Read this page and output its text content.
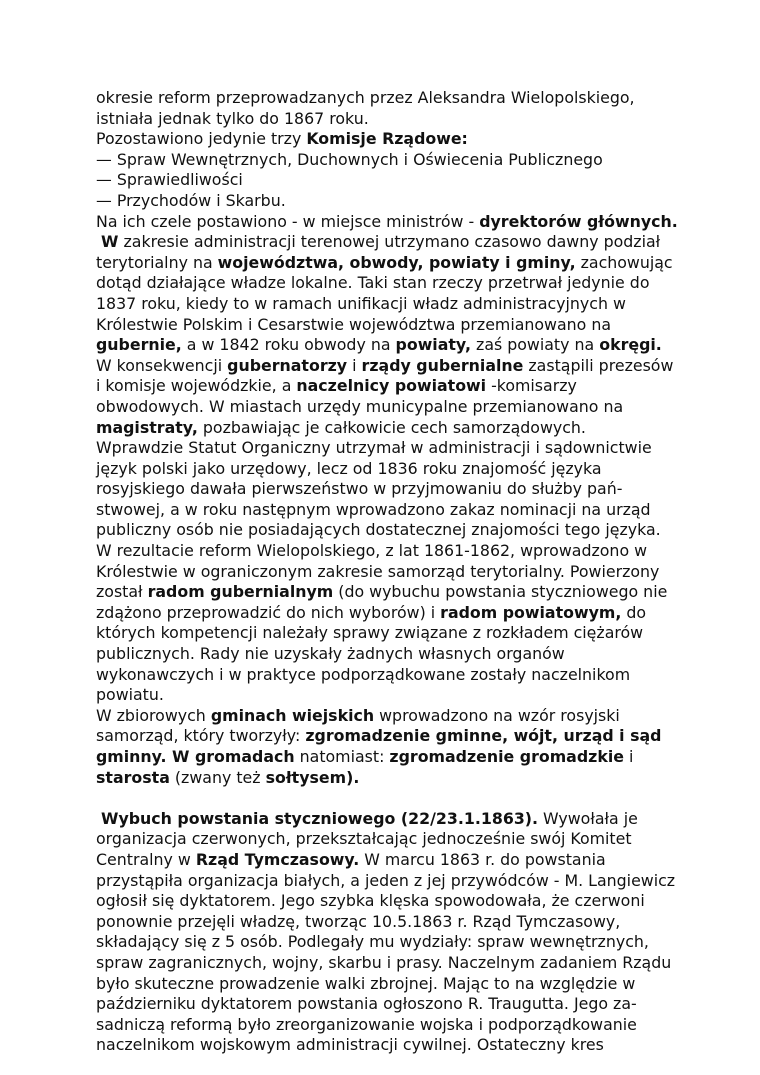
okresie reform przeprowadzanych przez Aleksandra Wielopolskiego,
istniała jednak tylko do 1867 roku.
Pozostawiono jedynie trzy Komisje Rządowe:
— Spraw Wewnętrznych, Duchownych i Oświecenia Publicznego
— Sprawiedliwości
— Przychodów i Skarbu.
Na ich czele postawiono - w miejsce ministrów - dyrektorów głównych.
W zakresie administracji terenowej utrzymano czasowo dawny podział
terytorialny na województwa, obwody, powiaty i gminy, zachowując
dotąd działające władze lokalne. Taki stan rzeczy przetrwał jedynie do
1837 roku, kiedy to w ramach unifikacji władz administracyjnych w
Królestwie Polskim i Cesarstwie województwa przemianowano na
gubernie, a w 1842 roku obwody na powiaty, zaś powiaty na okręgi.
W konsekwencji gubernatorzy i rządy gubernialne zastąpili prezesów
i komisje wojewódzkie, a naczelnicy powiatowi -komisarzy
obwodowych. W miastach urzędy municypalne przemianowano na
magistraty, pozbawiając je całkowicie cech samorządowych.
Wprawdzie Statut Organiczny utrzymał w administracji i sądownictwie
język polski jako urzędowy, lecz od 1836 roku znajomość języka
rosyjskiego dawała pierwszeństwo w przyjmowaniu do służby pań-
stwowej, a w roku następnym wprowadzono zakaz nominacji na urząd
publiczny osób nie posiadających dostatecznej znajomości tego języka.
W rezultacie reform Wielopolskiego, z lat 1861-1862, wprowadzono w
Królestwie w ograniczonym zakresie samorząd terytorialny. Powierzony
został radom gubernialnym (do wybuchu powstania styczniowego nie
zdążono przeprowadzić do nich wyborów) i radom powiatowym, do
których kompetencji należały sprawy związane z rozkładem ciężarów
publicznych. Rady nie uzyskały żadnych własnych organów
wykonawczych i w praktyce podporządkowane zostały naczelnikom
powiatu.
W zbiorowych gminach wiejskich wprowadzono na wzór rosyjski
samorząd, który tworzyły: zgromadzenie gminne, wójt, urząd i sąd
gminny. W gromadach natomiast: zgromadzenie gromadzkie i
starosta (zwany też sołtysem).
Wybuch powstania styczniowego (22/23.1.1863). Wywołała je
organizacja czerwonych, przekształcając jednocześnie swój Komitet
Centralny w Rząd Tymczasowy. W marcu 1863 r. do powstania
przystąpiła organizacja białych, a jeden z jej przywódców - M. Langiewicz
ogłosił się dyktatorem. Jego szybka klęska spowodowała, że czerwoni
ponownie przejęli władzę, tworząc 10.5.1863 r. Rząd Tymczasowy,
składający się z 5 osób. Podlegały mu wydziały: spraw wewnętrznych,
spraw zagranicznych, wojny, skarbu i prasy. Naczelnym zadaniem Rządu
było skuteczne prowadzenie walki zbrojnej. Mając to na względzie w
październiku dyktatorem powstania ogłoszono R. Traugutta. Jego za-
sadniczą reformą było zreorganizowanie wojska i podporządkowanie
naczelnikom wojskowym administracji cywilnej. Ostateczny kres
